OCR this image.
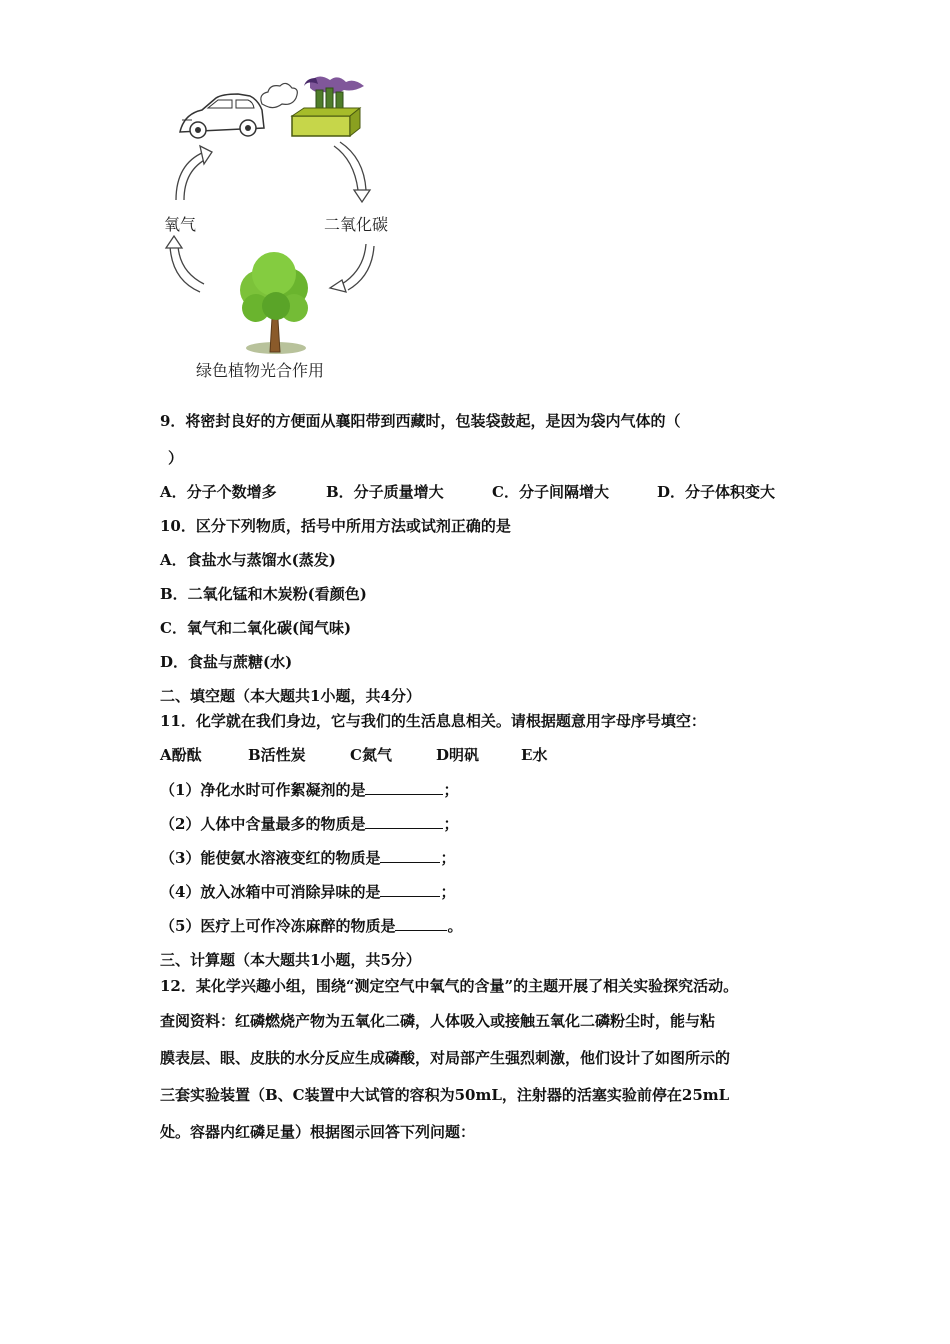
氧气	二氧化碳
绿色植物光合作用
9．将密封良好的方便面从襄阳带到西藏时，包装袋鼓起，是因为袋内气体的（
）
A．分子个数增多	B．分子质量增大	C．分子间隔增大	D．分子体积变大
10．区分下列物质，括号中所用方法或试剂正确的是
A．食盐水与蒸馏水(蒸发)
B．二氧化锰和木炭粉(看颜色)
C．氧气和二氧化碳(闻气味)
D．食盐与蔗糖(水)
二、填空题（本大题共1小题，共4分）
11．化学就在我们身边，它与我们的生活息息相关。请根据题意用字母序号填空：
A酚酞	B活性炭	C氮气	D明矾	E水
（1）净化水时可作絮凝剂的是	；
（2）人体中含量最多的物质是	；
（3）能使氨水溶液变红的物质是	；
（4）放入冰箱中可消除异味的是	；
（5）医疗上可作冷冻麻醉的物质是	。
三、计算题（本大题共1小题，共5分）
12．某化学兴趣小组，围绕“测定空气中氧气的含量”的主题开展了相关实验探究活动。
查阅资料：红磷燃烧产物为五氧化二磷，人体吸入或接触五氧化二磷粉尘时，能与粘
膜表层、眼、皮肤的水分反应生成磷酸，对局部产生强烈刺激，他们设计了如图所示的
三套实验装置（B、C装置中大试管的容积为50mL，注射器的活塞实验前停在25mL
处。容器内红磷足量）根据图示回答下列问题：
